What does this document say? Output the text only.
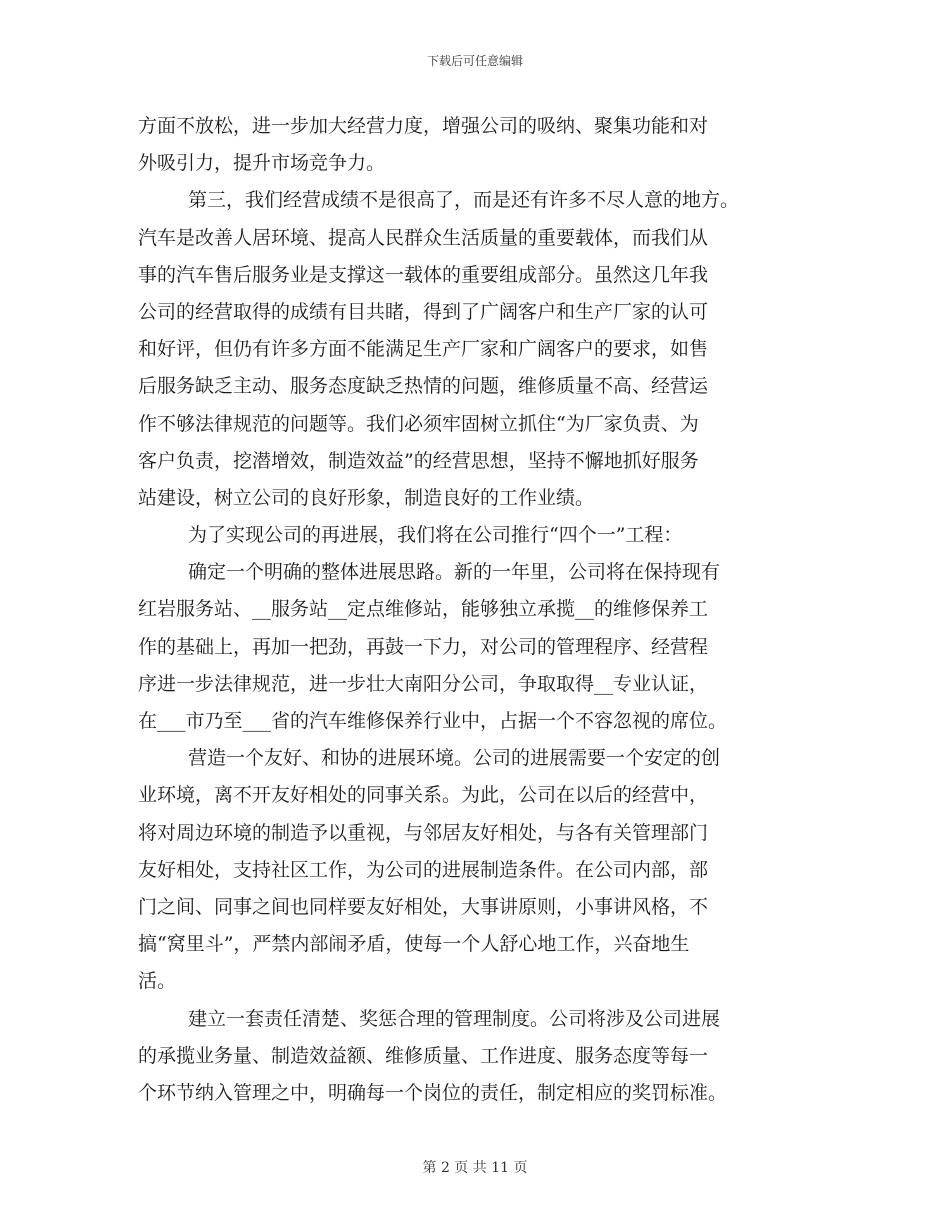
下载后可任意编辑
方面不放松，进一步加大经营力度，增强公司的吸纳、聚集功能和对
外吸引力，提升市场竞争力。
第三，我们经营成绩不是很高了，而是还有许多不尽人意的地方。
汽车是改善人居环境、提高人民群众生活质量的重要载体，而我们从
事的汽车售后服务业是支撑这一载体的重要组成部分。虽然这几年我
公司的经营取得的成绩有目共睹，得到了广阔客户和生产厂家的认可
和好评，但仍有许多方面不能满足生产厂家和广阔客户的要求，如售
后服务缺乏主动、服务态度缺乏热情的问题，维修质量不高、经营运
作不够法律规范的问题等。我们必须牢固树立抓住“为厂家负责、为
客户负责，挖潜增效，制造效益”的经营思想，坚持不懈地抓好服务
站建设，树立公司的良好形象，制造良好的工作业绩。
为了实现公司的再进展，我们将在公司推行“四个一”工程：
确定一个明确的整体进展思路。新的一年里，公司将在保持现有
红岩服务站、__服务站__定点维修站，能够独立承揽__的维修保养工
作的基础上，再加一把劲，再鼓一下力，对公司的管理程序、经营程
序进一步法律规范，进一步壮大南阳分公司，争取取得__专业认证，
在___市乃至___省的汽车维修保养行业中，占据一个不容忽视的席位。
营造一个友好、和协的进展环境。公司的进展需要一个安定的创
业环境，离不开友好相处的同事关系。为此，公司在以后的经营中，
将对周边环境的制造予以重视，与邻居友好相处，与各有关管理部门
友好相处，支持社区工作，为公司的进展制造条件。在公司内部，部
门之间、同事之间也同样要友好相处，大事讲原则，小事讲风格，不
搞“窝里斗”，严禁内部闹矛盾，使每一个人舒心地工作，兴奋地生
活。
建立一套责任清楚、奖惩合理的管理制度。公司将涉及公司进展
的承揽业务量、制造效益额、维修质量、工作进度、服务态度等每一
个环节纳入管理之中，明确每一个岗位的责任，制定相应的奖罚标准。
第 2 页 共 11 页
